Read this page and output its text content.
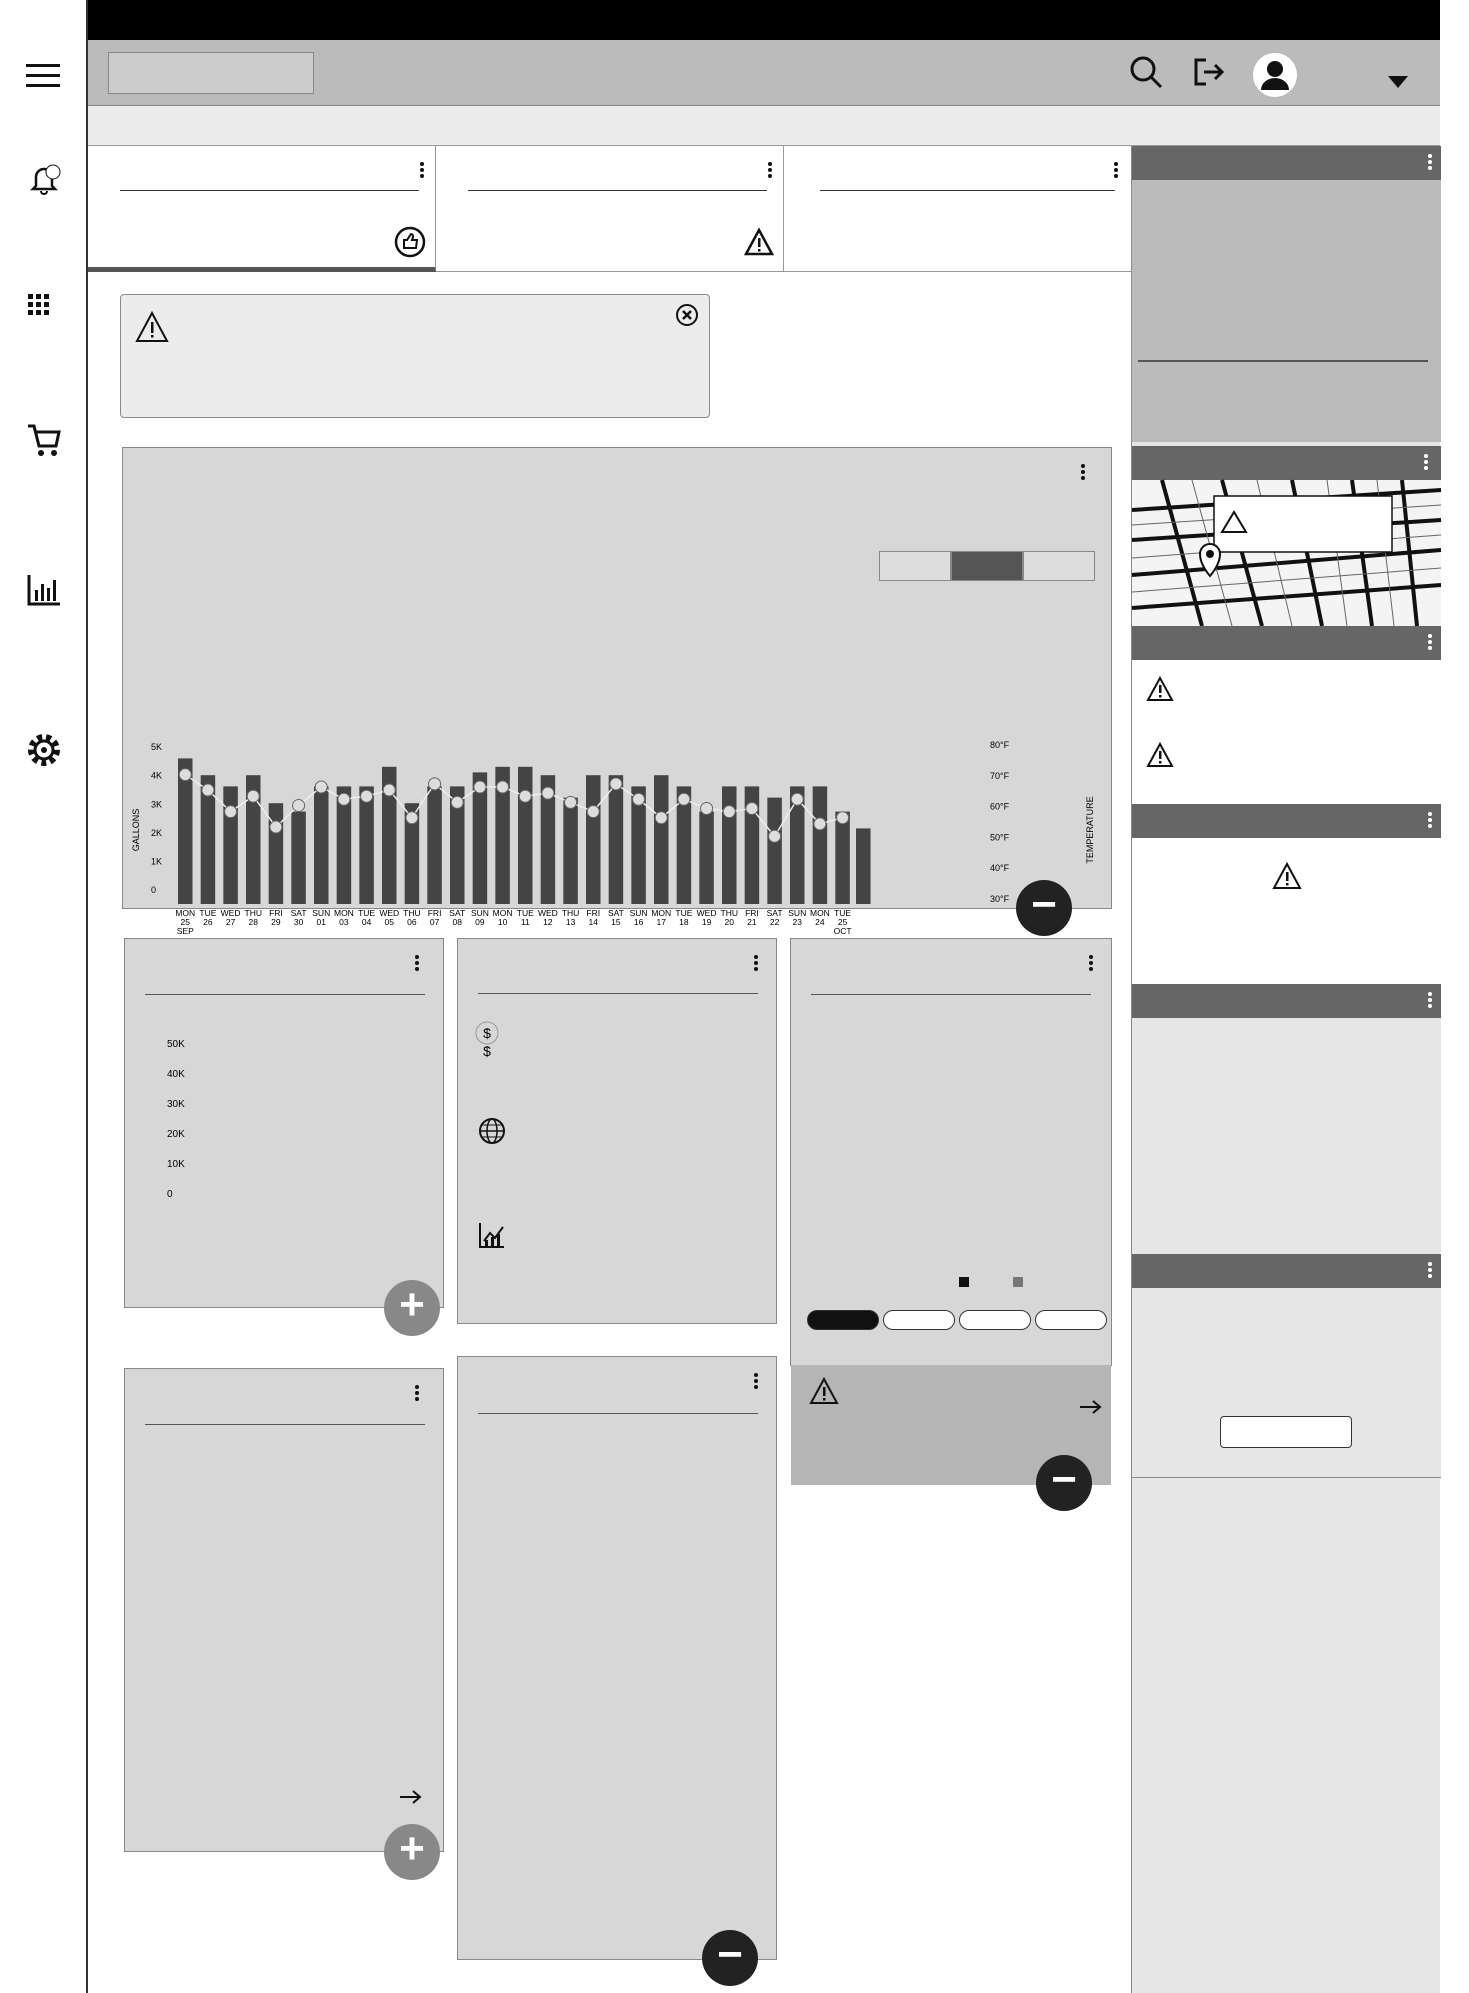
5K
4K
3K
2K
1K
0
80°F
70°F
60°F
50°F
40°F
30°F
GALLONS	TEMPERATURE
MON
25
TUE
26
WED
27
THU
28
FRI
29
SAT
30
SUN
01
MON
03
TUE
04
WED
05
THU
06
FRI
07
SAT
08
SUN
09
MON
10
TUE
11
WED
12
THU
13
FRI
14
SAT
15
SUN
16
MON
17
TUE
18
WED
19
THU
20
FRI
21
SAT
22
SUN
23
MON
24
TUE
25
SEP	OCT
−
50K
40K
30K
20K
10K
0
+
$
$
−
+
−
